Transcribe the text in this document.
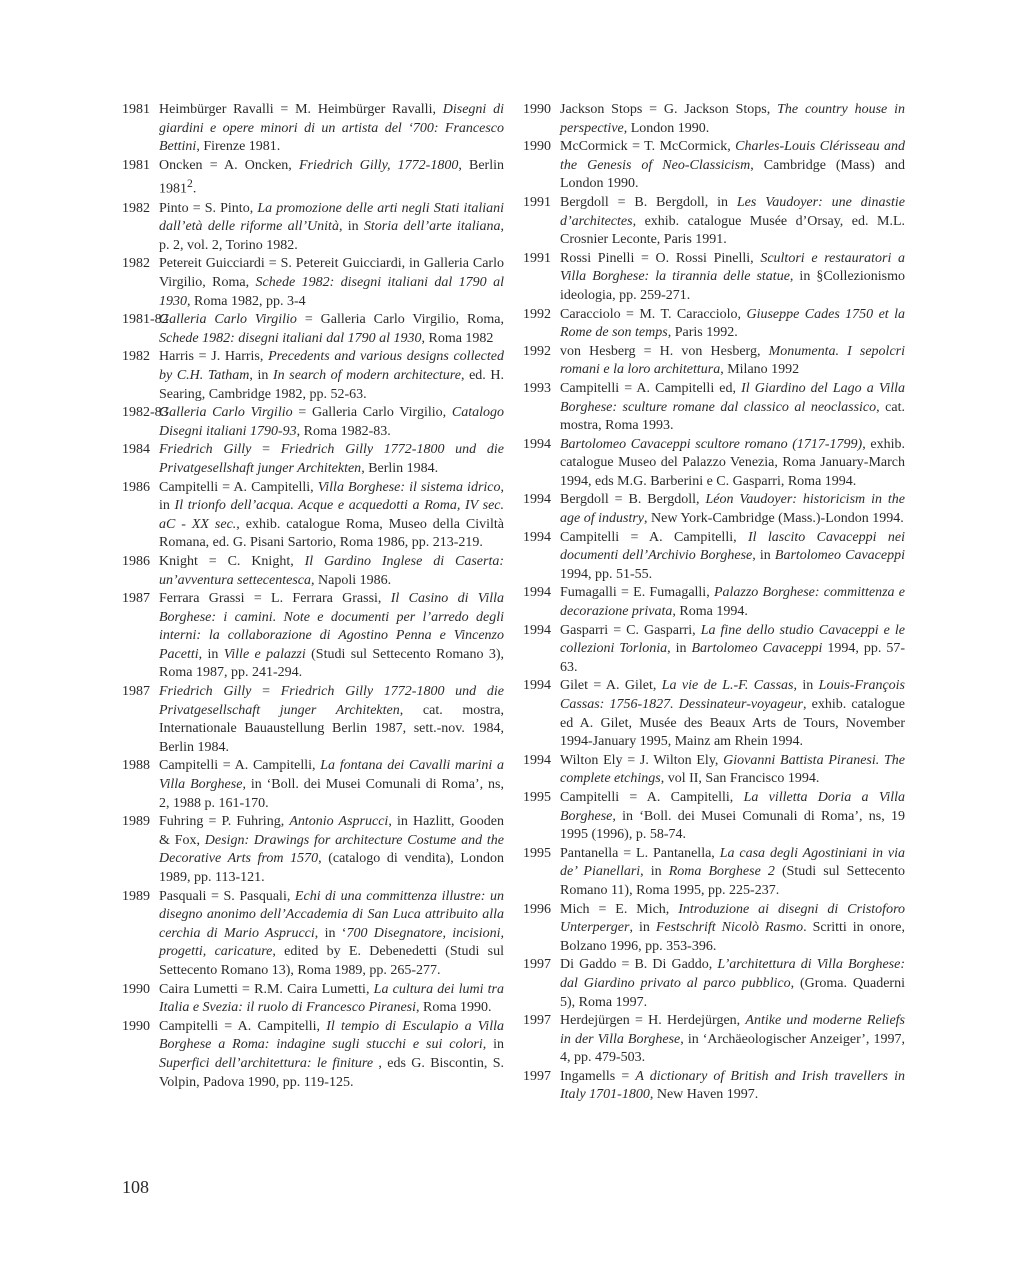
1981 Heimbürger Ravalli = M. Heimbürger Ravalli, Disegni di giardini e opere minori di un artista del ‘700: Francesco Bettini, Firenze 1981.
1981 Oncken = A. Oncken, Friedrich Gilly, 1772-1800, Berlin 1981$^2$.
1982 Pinto = S. Pinto, La promozione delle arti negli Stati italiani dall’età delle riforme all’Unità, in Storia dell’arte italiana, p. 2, vol. 2, Torino 1982.
1982 Petereit Guicciardi = S. Petereit Guicciardi, in Galleria Carlo Virgilio, Roma, Schede 1982: disegni italiani dal 1790 al 1930, Roma 1982, pp. 3-4
1981-82
Galleria Carlo Virgilio = Galleria Carlo Virgilio, Roma, Schede 1982: disegni italiani dal 1790 al 1930, Roma 1982
1982 Harris = J. Harris, Precedents and various designs collected by C.H. Tatham, in In search of modern architecture, ed. H. Searing, Cambridge 1982, pp. 52-63.
1982-83
Galleria Carlo Virgilio = Galleria Carlo Virgilio, Catalogo Disegni italiani 1790-93, Roma 1982-83.
1984 Friedrich Gilly = Friedrich Gilly 1772-1800 und die Privatgesellshaft junger Architekten, Berlin 1984.
1986 Campitelli = A. Campitelli, Villa Borghese: il sistema idrico, in Il trionfo dell’acqua. Acque e acquedotti a Roma, IV sec. aC - XX sec., exhib. catalogue Roma, Museo della Civiltà Romana, ed. G. Pisani Sartorio, Roma 1986, pp. 213-219.
1986 Knight = C. Knight, Il Gardino Inglese di Caserta: un’avventura settecentesca, Napoli 1986.
1987 Ferrara Grassi = L. Ferrara Grassi, Il Casino di Villa Borghese: i camini. Note e documenti per l’arredo degli interni: la collaborazione di Agostino Penna e Vincenzo Pacetti, in Ville e palazzi (Studi sul Settecento Romano 3), Roma 1987, pp. 241-294.
1987 Friedrich Gilly = Friedrich Gilly 1772-1800 und die Privatgesellschaft junger Architekten, cat. mostra, Internationale Bauaustellung Berlin 1987, sett.-nov. 1984, Berlin 1984.
1988 Campitelli = A. Campitelli, La fontana dei Cavalli marini a Villa Borghese, in ‘Boll. dei Musei Comunali di Roma’, ns, 2, 1988 p. 161-170.
1989 Fuhring = P. Fuhring, Antonio Asprucci, in Hazlitt, Gooden & Fox, Design: Drawings for architecture Costume and the Decorative Arts from 1570, (catalogo di vendita), London 1989, pp. 113-121.
1989 Pasquali = S. Pasquali, Echi di una committenza illustre: un disegno anonimo dell’Accademia di San Luca attribuito alla cerchia di Mario Asprucci, in ‘700 Disegnatore, incisioni, progetti, caricature, edited by E. Debenedetti (Studi sul Settecento Romano 13), Roma 1989, pp. 265-277.
1990 Caira Lumetti = R.M. Caira Lumetti, La cultura dei lumi tra Italia e Svezia: il ruolo di Francesco Piranesi, Roma 1990.
1990 Campitelli = A. Campitelli, Il tempio di Esculapio a Villa Borghese a Roma: indagine sugli stucchi e sui colori, in Superfici dell’architettura: le finiture , eds G. Biscontin, S. Volpin, Padova 1990, pp. 119-125.
1990 Jackson Stops = G. Jackson Stops, The country house in perspective, London 1990.
1990 McCormick = T. McCormick, Charles-Louis Clérisseau and the Genesis of Neo-Classicism, Cambridge (Mass) and London 1990.
1991 Bergdoll = B. Bergdoll, in Les Vaudoyer: une dinastie d’architectes, exhib. catalogue Musée d’Orsay, ed. M.L. Crosnier Leconte, Paris 1991.
1991 Rossi Pinelli = O. Rossi Pinelli, Scultori e restauratori a Villa Borghese: la tirannia delle statue, in §Collezionismo ideologia, pp. 259-271.
1992 Caracciolo = M. T. Caracciolo, Giuseppe Cades 1750 et la Rome de son temps, Paris 1992.
1992 von Hesberg = H. von Hesberg, Monumenta. I sepolcri romani e la loro architettura, Milano 1992
1993 Campitelli = A. Campitelli ed, Il Giardino del Lago a Villa Borghese: sculture romane dal classico al neoclassico, cat. mostra, Roma 1993.
1994 Bartolomeo Cavaceppi scultore romano (1717-1799), exhib. catalogue Museo del Palazzo Venezia, Roma January-March 1994, eds M.G. Barberini e C. Gasparri, Roma 1994.
1994 Bergdoll = B. Bergdoll, Léon Vaudoyer: historicism in the age of industry, New York-Cambridge (Mass.)-London 1994.
1994 Campitelli = A. Campitelli, Il lascito Cavaceppi nei documenti dell’Archivio Borghese, in Bartolomeo Cavaceppi 1994, pp. 51-55.
1994 Fumagalli = E. Fumagalli, Palazzo Borghese: committenza e decorazione privata, Roma 1994.
1994 Gasparri = C. Gasparri, La fine dello studio Cavaceppi e le collezioni Torlonia, in Bartolomeo Cavaceppi 1994, pp. 57-63.
1994 Gilet = A. Gilet, La vie de L.-F. Cassas, in Louis-François Cassas: 1756-1827. Dessinateur-voyageur, exhib. catalogue ed A. Gilet, Musée des Beaux Arts de Tours, November 1994-January 1995, Mainz am Rhein 1994.
1994 Wilton Ely = J. Wilton Ely, Giovanni Battista Piranesi. The complete etchings, vol II, San Francisco 1994.
1995 Campitelli = A. Campitelli, La villetta Doria a Villa Borghese, in ‘Boll. dei Musei Comunali di Roma’, ns, 19 1995 (1996), p. 58-74.
1995 Pantanella = L. Pantanella, La casa degli Agostiniani in via de’ Pianellari, in Roma Borghese 2 (Studi sul Settecento Romano 11), Roma 1995, pp. 225-237.
1996 Mich = E. Mich, Introduzione ai disegni di Cristoforo Unterperger, in Festschrift Nicolò Rasmo. Scritti in onore, Bolzano 1996, pp. 353-396.
1997 Di Gaddo = B. Di Gaddo, L’architettura di Villa Borghese: dal Giardino privato al parco pubblico, (Groma. Quaderni 5), Roma 1997.
1997 Herdejürgen = H. Herdejürgen, Antike und moderne Reliefs in der Villa Borghese, in ‘Archäeologischer Anzeiger’, 1997, 4, pp. 479-503.
1997 Ingamells = A dictionary of British and Irish travellers in Italy 1701-1800, New Haven 1997.
108
